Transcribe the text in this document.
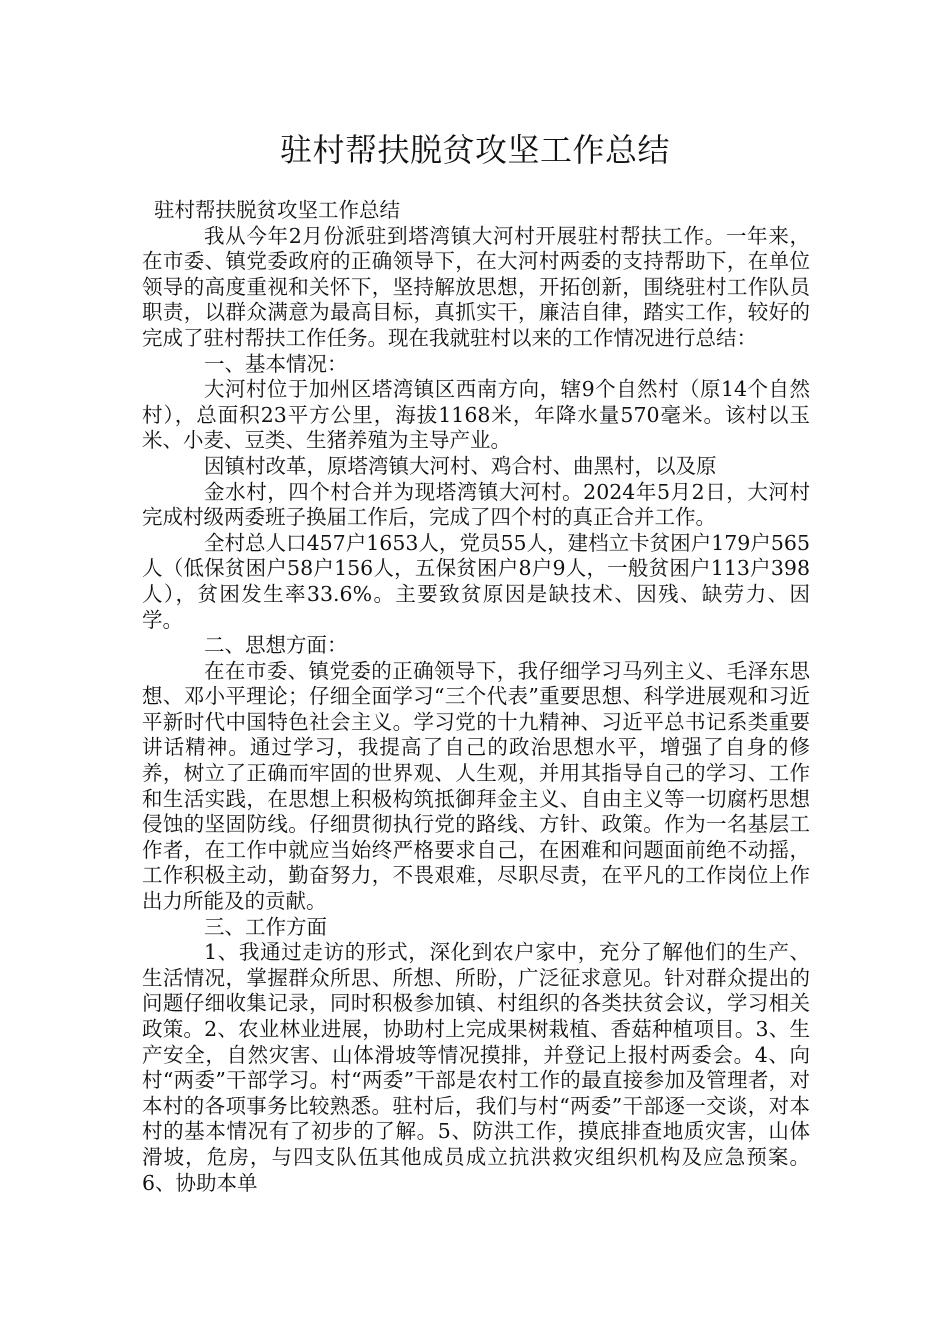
驻村帮扶脱贫攻坚工作总结

驻村帮扶脱贫攻坚工作总结

我从今年2月份派驻到塔湾镇大河村开展驻村帮扶工作。一年来，在市委、镇党委政府的正确领导下，在大河村两委的支持帮助下，在单位领导的高度重视和关怀下，坚持解放思想，开拓创新，围绕驻村工作队员职责，以群众满意为最高目标，真抓实干，廉洁自律，踏实工作，较好的完成了驻村帮扶工作任务。现在我就驻村以来的工作情况进行总结：

一、基本情况：

大河村位于加州区塔湾镇区西南方向，辖9个自然村（原14个自然村），总面积23平方公里，海拔1168米，年降水量570毫米。该村以玉米、小麦、豆类、生猪养殖为主导产业。

因镇村改革，原塔湾镇大河村、鸡合村、曲黑村，以及原

金水村，四个村合并为现塔湾镇大河村。2024年5月2日，大河村完成村级两委班子换届工作后，完成了四个村的真正合并工作。

全村总人口457户1653人，党员55人，建档立卡贫困户179户565人（低保贫困户58户156人，五保贫困户8户9人，一般贫困户113户398人），贫困发生率33.6%。主要致贫原因是缺技术、因残、缺劳力、因学。

二、思想方面：

在在市委、镇党委的正确领导下，我仔细学习马列主义、毛泽东思想、邓小平理论；仔细全面学习“三个代表”重要思想、科学进展观和习近平新时代中国特色社会主义。学习党的十九精神、习近平总书记系类重要讲话精神。通过学习，我提高了自己的政治思想水平，增强了自身的修养，树立了正确而牢固的世界观、人生观，并用其指导自己的学习、工作和生活实践，在思想上积极构筑抵御拜金主义、自由主义等一切腐朽思想侵蚀的坚固防线。仔细贯彻执行党的路线、方针、政策。作为一名基层工作者，在工作中就应当始终严格要求自己，在困难和问题面前绝不动摇，工作积极主动，勤奋努力，不畏艰难，尽职尽责，在平凡的工作岗位上作出力所能及的贡献。

三、工作方面

1、我通过走访的形式，深化到农户家中，充分了解他们的生产、生活情况，掌握群众所思、所想、所盼，广泛征求意见。针对群众提出的问题仔细收集记录，同时积极参加镇、村组织的各类扶贫会议，学习相关政策。2、农业林业进展，协助村上完成果树栽植、香菇种植项目。3、生产安全，自然灾害、山体滑坡等情况摸排，并登记上报村两委会。4、向村“两委”干部学习。村“两委”干部是农村工作的最直接参加及管理者，对本村的各项事务比较熟悉。驻村后，我们与村“两委”干部逐一交谈，对本村的基本情况有了初步的了解。5、防洪工作，摸底排查地质灾害，山体滑坡，危房，与四支队伍其他成员成立抗洪救灾组织机构及应急预案。6、协助本单
